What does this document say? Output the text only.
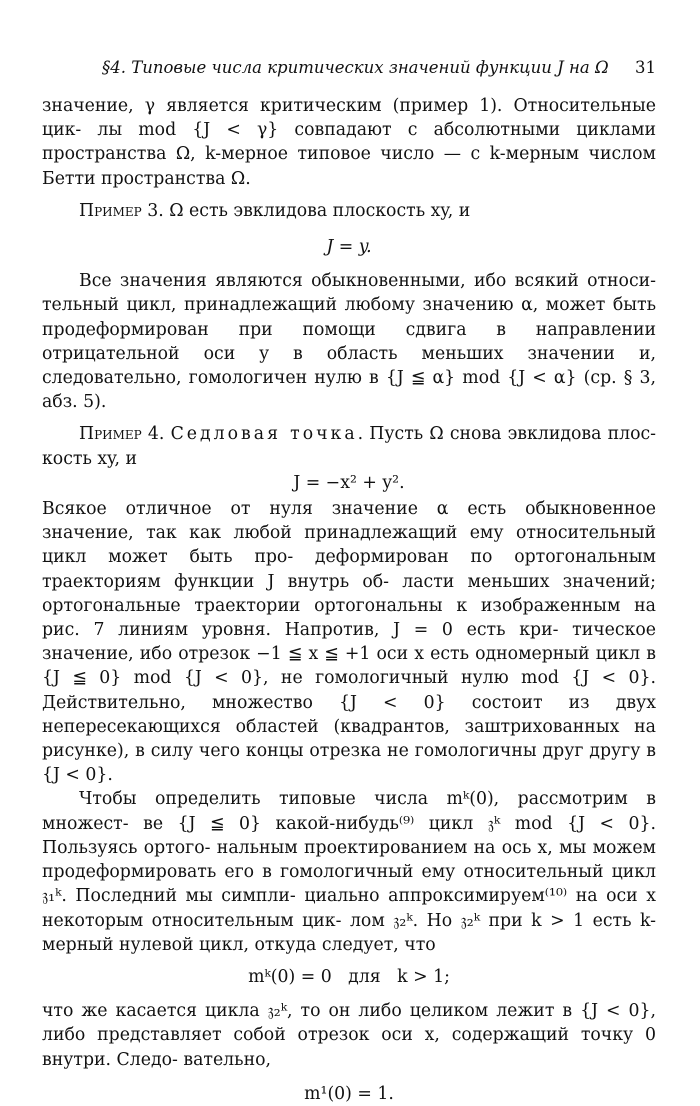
§4. Типовые числа критических значений функции J на Ω 31

значение, γ является критическим (пример 1). Относительные цик- лы mod {J < γ} совпадают с абсолютными циклами пространства Ω, k-мерное типовое число — с k-мерным числом Бетти пространства Ω.

Пример 3. Ω есть эвклидова плоскость xy, и

J = y.

Все значения являются обыкновенными, ибо всякий относи- тельный цикл, принадлежащий любому значению α, может быть продеформирован при помощи сдвига в направлении отрицательной оси y в область меньших значении и, следовательно, гомологичен нулю в {J ≦ α} mod {J < α} (ср. § 3, абз. 5).

Пример 4. Седловая точка. Пусть Ω снова эвклидова плос- кость xy, и

J = −x² + y².

Всякое отличное от нуля значение α есть обыкновенное значение, так как любой принадлежащий ему относительный цикл может быть про- деформирован по ортогональным траекториям функции J внутрь об- ласти меньших значений; ортогональные траектории ортогональны к изображенным на рис. 7 линиям уровня. Напротив, J = 0 есть кри- тическое значение, ибо отрезок −1 ≦ x ≦ +1 оси x есть одномерный цикл в {J ≦ 0} mod {J < 0}, не гомологичный нулю mod {J < 0}. Действительно, множество {J < 0} состоит из двух непересекающихся областей (квадрантов, заштрихованных на рисунке), в силу чего концы отрезка не гомологичны друг другу в {J < 0}.

Чтобы определить типовые числа mᵏ(0), рассмотрим в множест- ве {J ≦ 0} какой-нибудь⁽⁹⁾ цикл 𝔷ᵏ mod {J < 0}. Пользуясь ортого- нальным проектированием на ось x, мы можем продеформировать его в гомологичный ему относительный цикл 𝔷₁ᵏ. Последний мы симпли- циально аппроксимируем⁽¹⁰⁾ на оси x некоторым относительным цик- лом 𝔷₂ᵏ. Но 𝔷₂ᵏ при k > 1 есть k-мерный нулевой цикл, откуда следует, что

mᵏ(0) = 0   для   k > 1;

что же касается цикла 𝔷₂ᵏ, то он либо целиком лежит в {J < 0}, либо представляет собой отрезок оси x, содержащий точку 0 внутри. Следо- вательно,

m¹(0) = 1.
